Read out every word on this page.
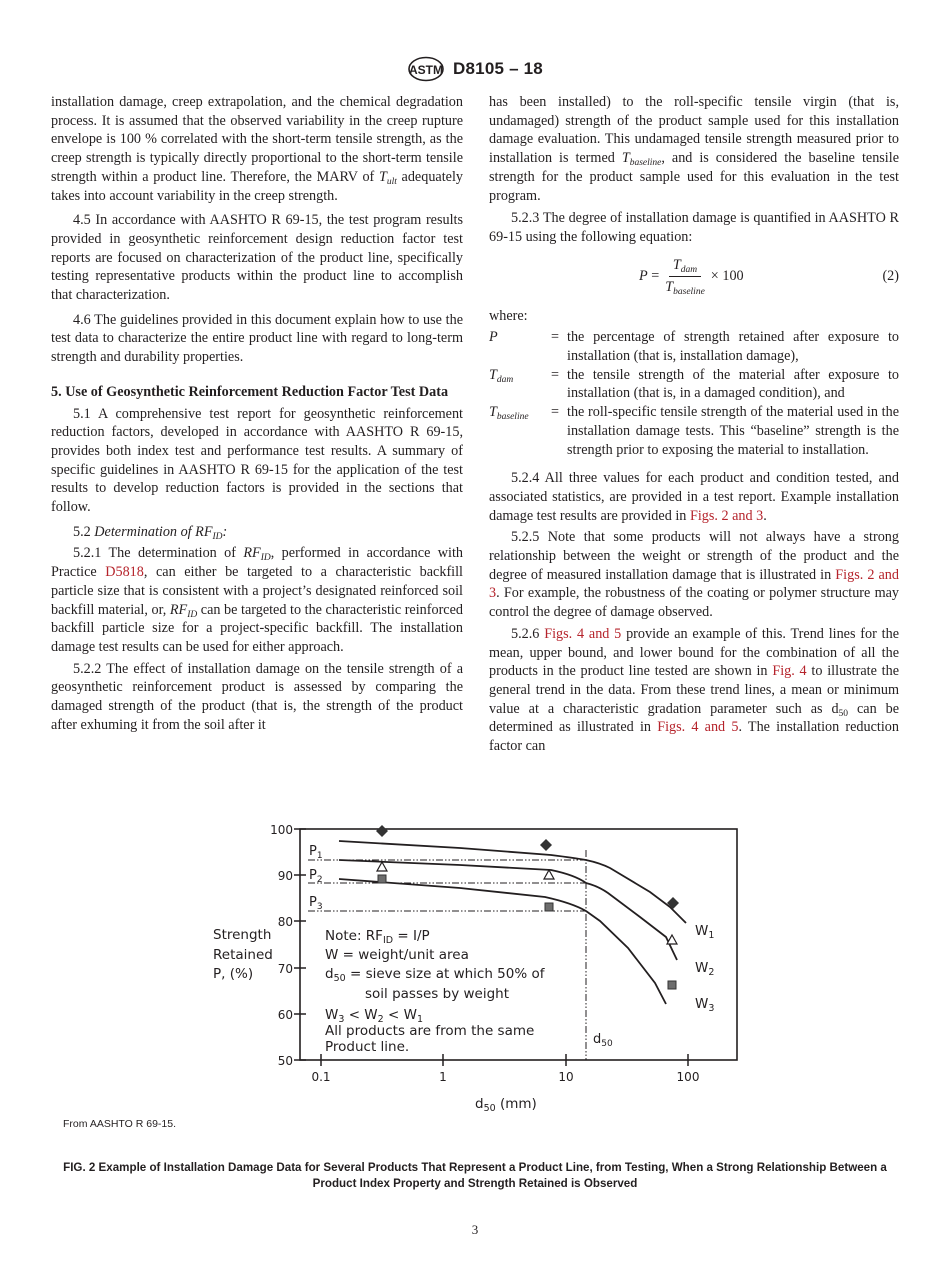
ASTM D8105 – 18

installation damage, creep extrapolation, and the chemical degradation process. It is assumed that the observed variability in the creep rupture envelope is 100 % correlated with the short-term tensile strength, as the creep strength is typically directly proportional to the short-term tensile strength within a product line. Therefore, the MARV of $T_{ult}$ adequately takes into account variability in the creep strength.

4.5 In accordance with AASHTO R 69-15, the test program results provided in geosynthetic reinforcement design reduction factor test reports are focused on characterization of the product line, specifically testing representative products within the product line to accomplish that characterization.

4.6 The guidelines provided in this document explain how to use the test data to characterize the entire product line with regard to long-term strength and durability properties.

5. Use of Geosynthetic Reinforcement Reduction Factor Test Data

5.1 A comprehensive test report for geosynthetic reinforcement reduction factors, developed in accordance with AASHTO R 69-15, provides both index test and performance test results. A summary of specific guidelines in AASHTO R 69-15 for the application of the test results to develop reduction factors is provided in the sections that follow.

5.2 Determination of $RF_{ID}$:

5.2.1 The determination of $RF_{ID}$, performed in accordance with Practice D5818, can either be targeted to a characteristic backfill particle size that is consistent with a project’s designated reinforced soil backfill material, or, $RF_{ID}$ can be targeted to the characteristic reinforced backfill particle size for a project-specific backfill. The installation damage test results can be used for either approach.

5.2.2 The effect of installation damage on the tensile strength of a geosynthetic reinforcement product is assessed by comparing the damaged strength of the product (that is, the strength of the product after exhuming it from the soil after it

has been installed) to the roll-specific tensile virgin (that is, undamaged) strength of the product sample used for this installation damage evaluation. This undamaged tensile strength measured prior to installation is termed $T_{baseline}$, and is considered the baseline tensile strength for the product sample used for this evaluation in the test program.

5.2.3 The degree of installation damage is quantified in AASHTO R 69-15 using the following equation:

P
= $\frac{T_{dam}}{T_{baseline}} \times 100$	(2)

where:

P	= the percentage of strength retained after exposure to installation (that is, installation damage),
$T_{dam}$	= the tensile strength of the material after exposure to installation (that is, in a damaged condition), and
$T_{baseline}$	= the roll-specific tensile strength of the material used in the installation damage tests. This “baseline” strength is the strength prior to exposing the material to installation.

5.2.4 All three values for each product and condition tested, and associated statistics, are provided in a test report. Example installation damage test results are provided in Figs. 2 and 3.

5.2.5 Note that some products will not always have a strong relationship between the weight or strength of the product and the degree of measured installation damage that is illustrated in Figs. 2 and 3. For example, the robustness of the coating or polymer structure may control the degree of damage observed.

5.2.6 Figs. 4 and 5 provide an example of this. Trend lines for the mean, upper bound, and lower bound for the combination of all the products in the product line tested are shown in Fig. 4 to illustrate the general trend in the data. From these trend lines, a mean or minimum value at a characteristic gradation parameter such as $d_{50}$ can be determined as illustrated in Figs. 4 and 5. The installation reduction factor can

100
90
80
70
60
50
0.1	1	10	100
Strength
Retained
P, (%)
$d_{50}$ (mm)
$P_1$
$P_2$
$P_3$
$d_{50}$
$W_1$
$W_2$
$W_3$
Note: $RF_{ID} = I/P$
W = weight/unit area
$d_{50}$ = sieve size at which 50% of
soil passes by weight
$W_3 < W_2 < W_1$
All products are from the same
Product line.
From AASHTO R 69-15.
FIG. 2 Example of Installation Damage Data for Several Products That Represent a Product Line, from Testing, When a Strong Relationship Between a Product Index Property and Strength Retained is Observed
3
